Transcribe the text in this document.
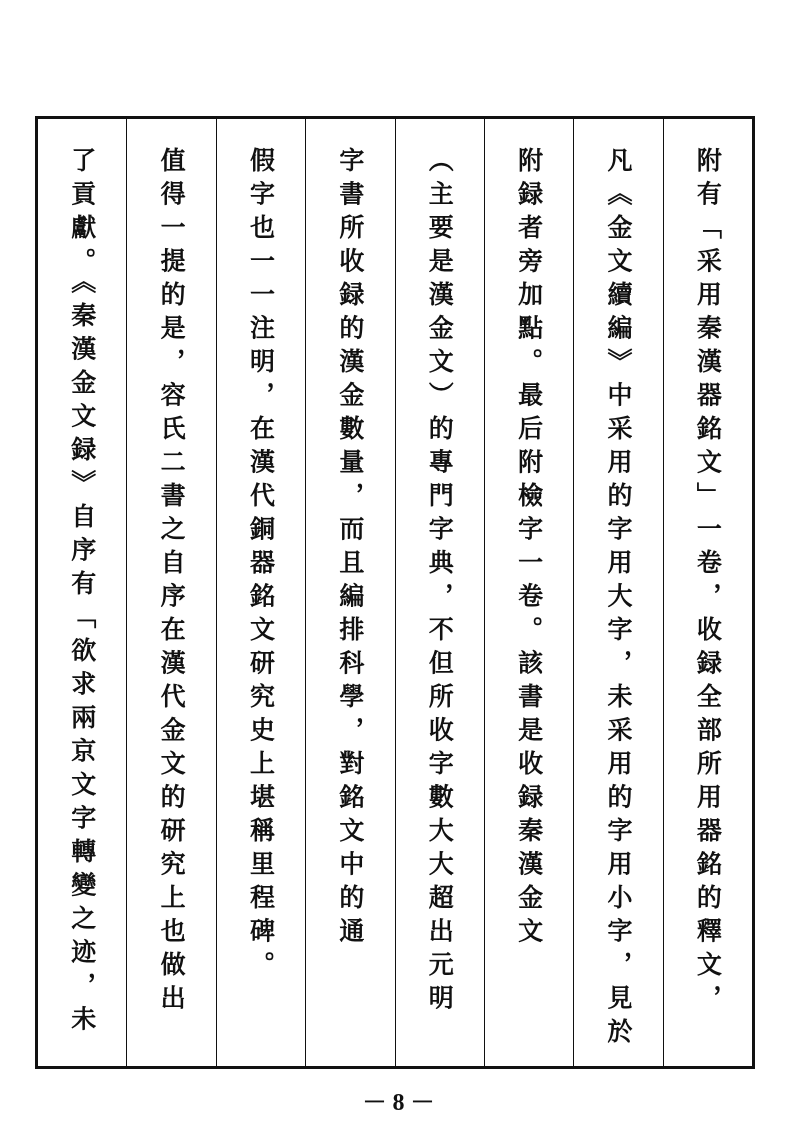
附有「采用秦漢器銘文」一卷，收録全部所用器銘的釋文，
凡《金文續編》中采用的字用大字，未采用的字用小字，見於
附録者旁加點。最后附檢字一卷。該書是收録秦漢金文
（主要是漢金文）的專門字典，不但所收字數大大超出元明
字書所收録的漢金數量，而且編排科學，對銘文中的通
假字也一一注明，在漢代銅器銘文研究史上堪稱里程碑。
值得一提的是，容氏二書之自序在漢代金文的研究上也做出
了貢獻。《秦漢金文録》自序有「欲求兩京文字轉變之迹，未
－ 8 －
